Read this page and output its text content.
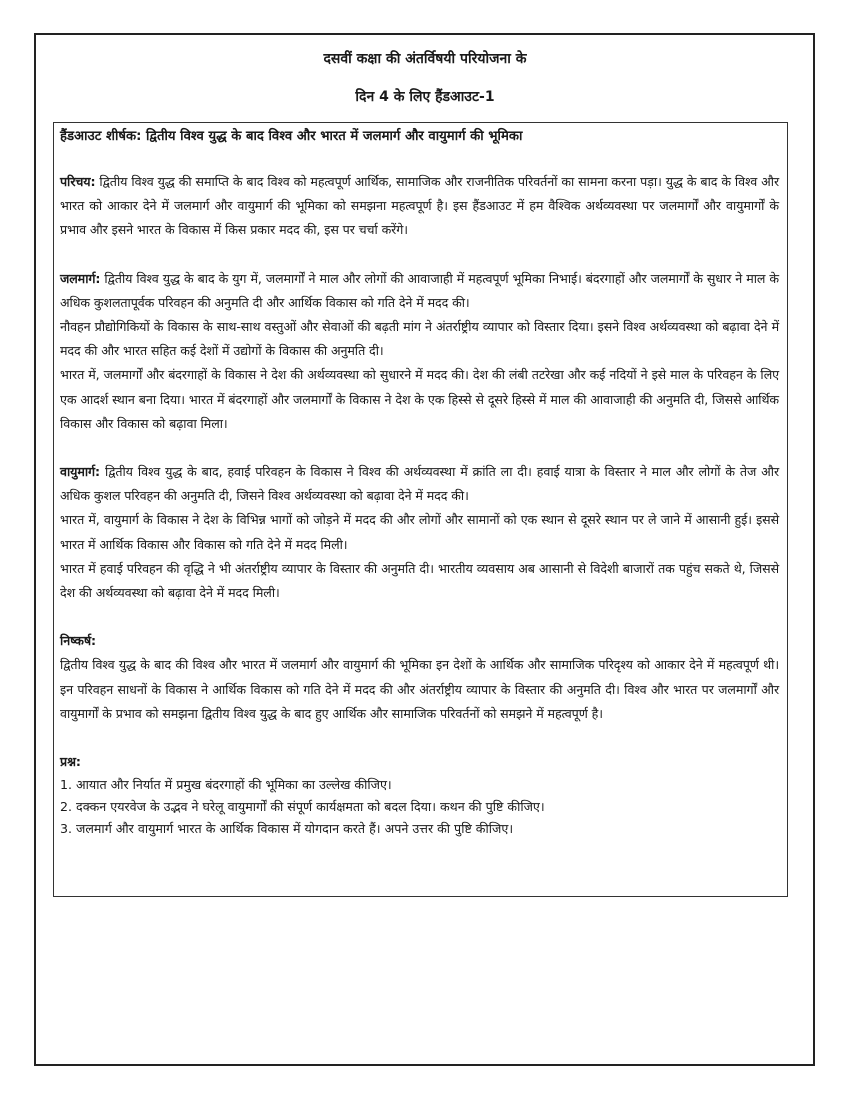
दसवीं कक्षा की अंतर्विषयी परियोजना के
दिन 4 के लिए हैंडआउट-1

हैंडआउट शीर्षक: द्वितीय विश्व युद्ध के बाद विश्व और भारत में जलमार्ग और वायुमार्ग की भूमिका

परिचय: द्वितीय विश्व युद्ध की समाप्ति के बाद विश्व को महत्वपूर्ण आर्थिक, सामाजिक और राजनीतिक परिवर्तनों का सामना करना पड़ा। युद्ध के बाद के विश्व और भारत को आकार देने में जलमार्ग और वायुमार्ग की भूमिका को समझना महत्वपूर्ण है। इस हैंडआउट में हम वैश्विक अर्थव्यवस्था पर जलमार्गों और वायुमार्गों के प्रभाव और इसने भारत के विकास में किस प्रकार मदद की, इस पर चर्चा करेंगे।

जलमार्ग: द्वितीय विश्व युद्ध के बाद के युग में, जलमार्गों ने माल और लोगों की आवाजाही में महत्वपूर्ण भूमिका निभाई। बंदरगाहों और जलमार्गों के सुधार ने माल के अधिक कुशलतापूर्वक परिवहन की अनुमति दी और आर्थिक विकास को गति देने में मदद की।

नौवहन प्रौद्योगिकियों के विकास के साथ-साथ वस्तुओं और सेवाओं की बढ़ती मांग ने अंतर्राष्ट्रीय व्यापार को विस्तार दिया। इसने विश्व अर्थव्यवस्था को बढ़ावा देने में मदद की और भारत सहित कई देशों में उद्योगों के विकास की अनुमति दी।

भारत में, जलमार्गों और बंदरगाहों के विकास ने देश की अर्थव्यवस्था को सुधारने में मदद की। देश की लंबी तटरेखा और कई नदियों ने इसे माल के परिवहन के लिए एक आदर्श स्थान बना दिया। भारत में बंदरगाहों और जलमार्गों के विकास ने देश के एक हिस्से से दूसरे हिस्से में माल की आवाजाही की अनुमति दी, जिससे आर्थिक विकास और विकास को बढ़ावा मिला।

वायुमार्ग: द्वितीय विश्व युद्ध के बाद, हवाई परिवहन के विकास ने विश्व की अर्थव्यवस्था में क्रांति ला दी। हवाई यात्रा के विस्तार ने माल और लोगों के तेज और अधिक कुशल परिवहन की अनुमति दी, जिसने विश्व अर्थव्यवस्था को बढ़ावा देने में मदद की।

भारत में, वायुमार्ग के विकास ने देश के विभिन्न भागों को जोड़ने में मदद की और लोगों और सामानों को एक स्थान से दूसरे स्थान पर ले जाने में आसानी हुई। इससे भारत में आर्थिक विकास और विकास को गति देने में मदद मिली।

भारत में हवाई परिवहन की वृद्धि ने भी अंतर्राष्ट्रीय व्यापार के विस्तार की अनुमति दी। भारतीय व्यवसाय अब आसानी से विदेशी बाजारों तक पहुंच सकते थे, जिससे देश की अर्थव्यवस्था को बढ़ावा देने में मदद मिली।

निष्कर्ष:

द्वितीय विश्व युद्ध के बाद की विश्व और भारत में जलमार्ग और वायुमार्ग की भूमिका इन देशों के आर्थिक और सामाजिक परिदृश्य को आकार देने में महत्वपूर्ण थी। इन परिवहन साधनों के विकास ने आर्थिक विकास को गति देने में मदद की और अंतर्राष्ट्रीय व्यापार के विस्तार की अनुमति दी। विश्व और भारत पर जलमार्गों और वायुमार्गों के प्रभाव को समझना द्वितीय विश्व युद्ध के बाद हुए आर्थिक और सामाजिक परिवर्तनों को समझने में महत्वपूर्ण है।

प्रश्न:

1. आयात और निर्यात में प्रमुख बंदरगाहों की भूमिका का उल्लेख कीजिए।

2. दक्कन एयरवेज के उद्भव ने घरेलू वायुमार्गों की संपूर्ण कार्यक्षमता को बदल दिया। कथन की पुष्टि कीजिए।

3. जलमार्ग और वायुमार्ग भारत के आर्थिक विकास में योगदान करते हैं। अपने उत्तर की पुष्टि कीजिए।
